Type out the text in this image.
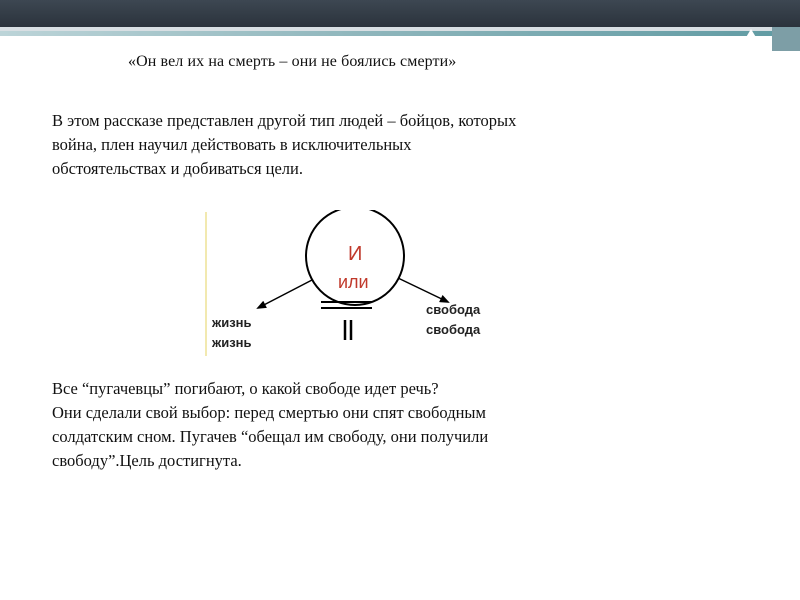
«Он вел их на смерть – они не боялись смерти»

В этом рассказе представлен другой тип людей – бойцов, которых
война, плен научил действовать в исключительных
обстоятельствах и добиваться цели.

И
или
жизнь
жизнь
свобода
свобода

Все “пугачевцы” погибают, о какой свободе идет речь?
Они сделали свой выбор: перед смертью они спят свободным
солдатским сном. Пугачев “обещал им свободу, они получили
свободу”.Цель достигнута.
